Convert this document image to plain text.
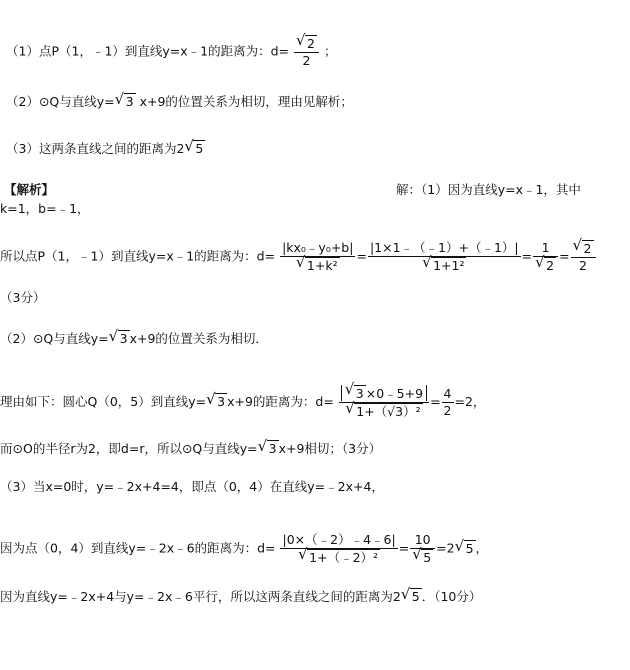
（1）点P（1，﹣1）到直线y=x﹣1的距离为：d= √ $\frac{2}{2}$ ；
（2）⊙Q与直线y= √ 3 x+9的位置关系为相切，理由见解析；
（3）这两条直线之间的距离为2 √ 5
【解析】	解：（1）因为直线y=x﹣1，其中
k=1，b=﹣1，
所以点P（1，﹣1）到直线y=x﹣1的距离为：d= |kx₀﹣y₀+b|
√ 1+k² = |1×1﹣（﹣1）+（﹣1）|
√ 1+1² = 1
√ 2 = √ $\frac{2}{2}$
（3分）
（2）⊙Q与直线y= √ 3 x+9的位置关系为相切．
理由如下：圆心Q（0，5）到直线y= √ 3 x+9的距离为：d= √ 3 ×0﹣5+9
√ $1+(√3)^2 = \frac{4}{2} =2$，
而⊙O的半径r为2，即d=r，所以⊙Q与直线y= √ 3 x+9相切；（3分）
（3）当x=0时，y=﹣2x+4=4，即点（0，4）在直线y=﹣2x+4，
因为点（0，4）到直线y=﹣2x﹣6的距离为：d= |0×（﹣2）﹣4﹣6|
√ 1+（﹣2）² = 10
√ 5 =2 √ 5 ，
因为直线y=﹣2x+4与y=﹣2x﹣6平行，所以这两条直线之间的距离为2 √ 5 ．（10分）
